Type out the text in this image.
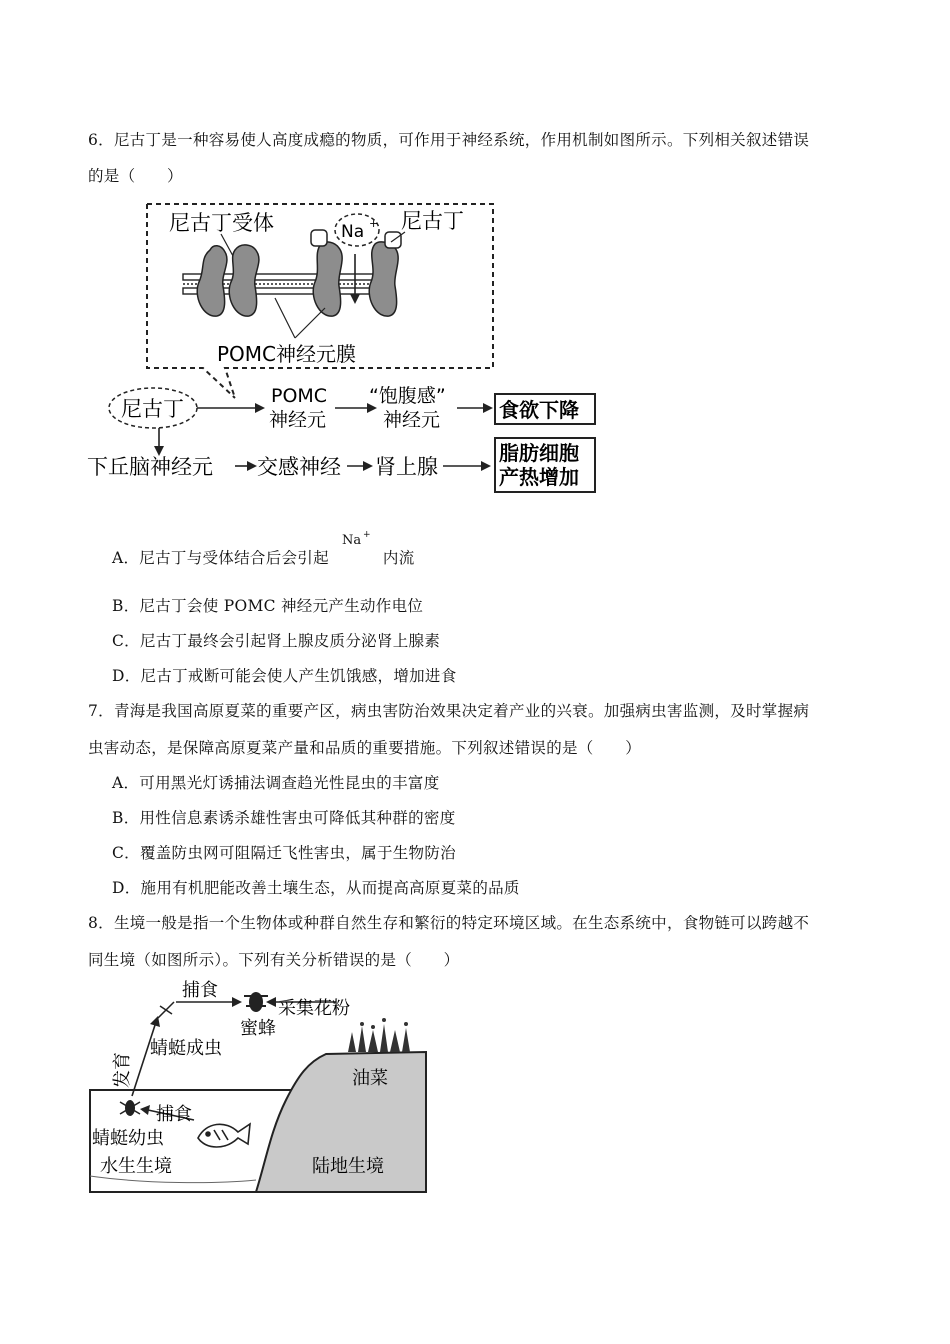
6．尼古丁是一种容易使人高度成瘾的物质，可作用于神经系统，作用机制如图所示。下列相关叙述错误
的是（　　）
Na +
尼古丁受体	尼古丁
POMC神经元膜
尼古丁
POMC
神经元
“饱腹感”
神经元	食欲下降
下丘脑神经元 交感神经 肾上腺
脂肪细胞
产热增加
A．尼古丁与受体结合后会引起	内流
Na +
B．尼古丁会使 POMC 神经元产生动作电位
C．尼古丁最终会引起肾上腺皮质分泌肾上腺素
D．尼古丁戒断可能会使人产生饥饿感，增加进食
7．青海是我国高原夏菜的重要产区，病虫害防治效果决定着产业的兴衰。加强病虫害监测，及时掌握病
虫害动态，是保障高原夏菜产量和品质的重要措施。下列叙述错误的是（　　）
A．可用黑光灯诱捕法调查趋光性昆虫的丰富度
B．用性信息素诱杀雄性害虫可降低其种群的密度
C．覆盖防虫网可阻隔迁飞性害虫，属于生物防治
D．施用有机肥能改善土壤生态，从而提高高原夏菜的品质
8．生境一般是指一个生物体或种群自然生存和繁衍的特定环境区域。在生态系统中，食物链可以跨越不
同生境（如图所示）。下列有关分析错误的是（　　）
捕食
蜜蜂
采集花粉
蜻蜓成虫
发育	油菜
捕食
蜻蜓幼虫
水生生境	陆地生境
